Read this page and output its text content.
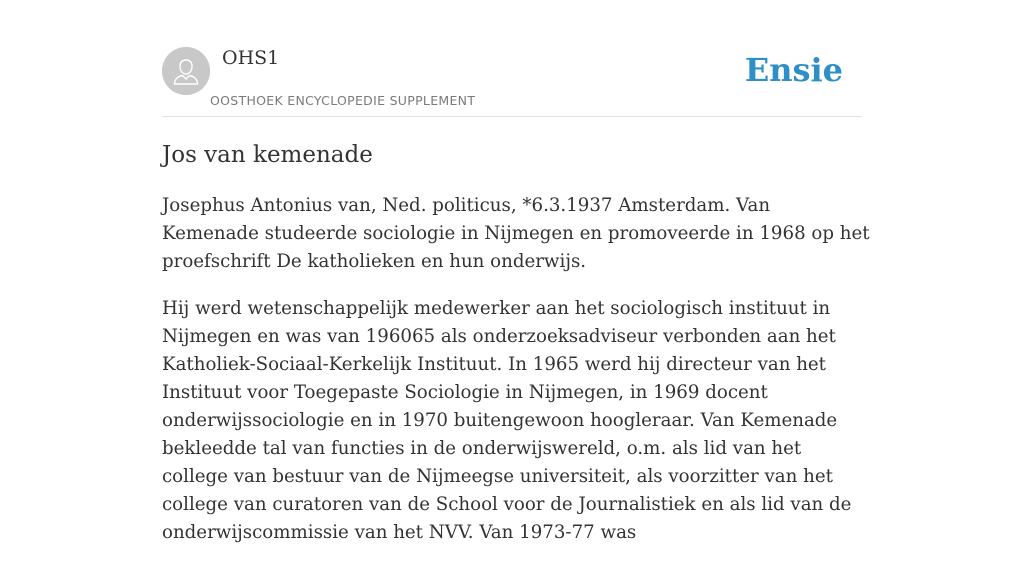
OHS1
OOSTHOEK ENCYCLOPEDIE SUPPLEMENT
Ensie
Jos van kemenade

Josephus Antonius van, Ned. politicus, *6.3.1937 Amsterdam. Van Kemenade studeerde sociologie in Nijmegen en promoveerde in 1968 op het proefschrift De katholieken en hun onderwijs.

Hij werd wetenschappelijk medewerker aan het sociologisch instituut in Nijmegen en was van 196065 als onderzoeksadviseur verbonden aan het Katholiek-Sociaal-Kerkelijk Instituut. In 1965 werd hij directeur van het Instituut voor Toegepaste Sociologie in Nijmegen, in 1969 docent onderwijssociologie en in 1970 buitengewoon hoogleraar. Van Kemenade bekleedde tal van functies in de onderwijswereld, o.m. als lid van het college van bestuur van de Nijmeegse universiteit, als voorzitter van het college van curatoren van de School voor de Journalistiek en als lid van de onderwijscommissie van het NVV. Van 1973-77 was
